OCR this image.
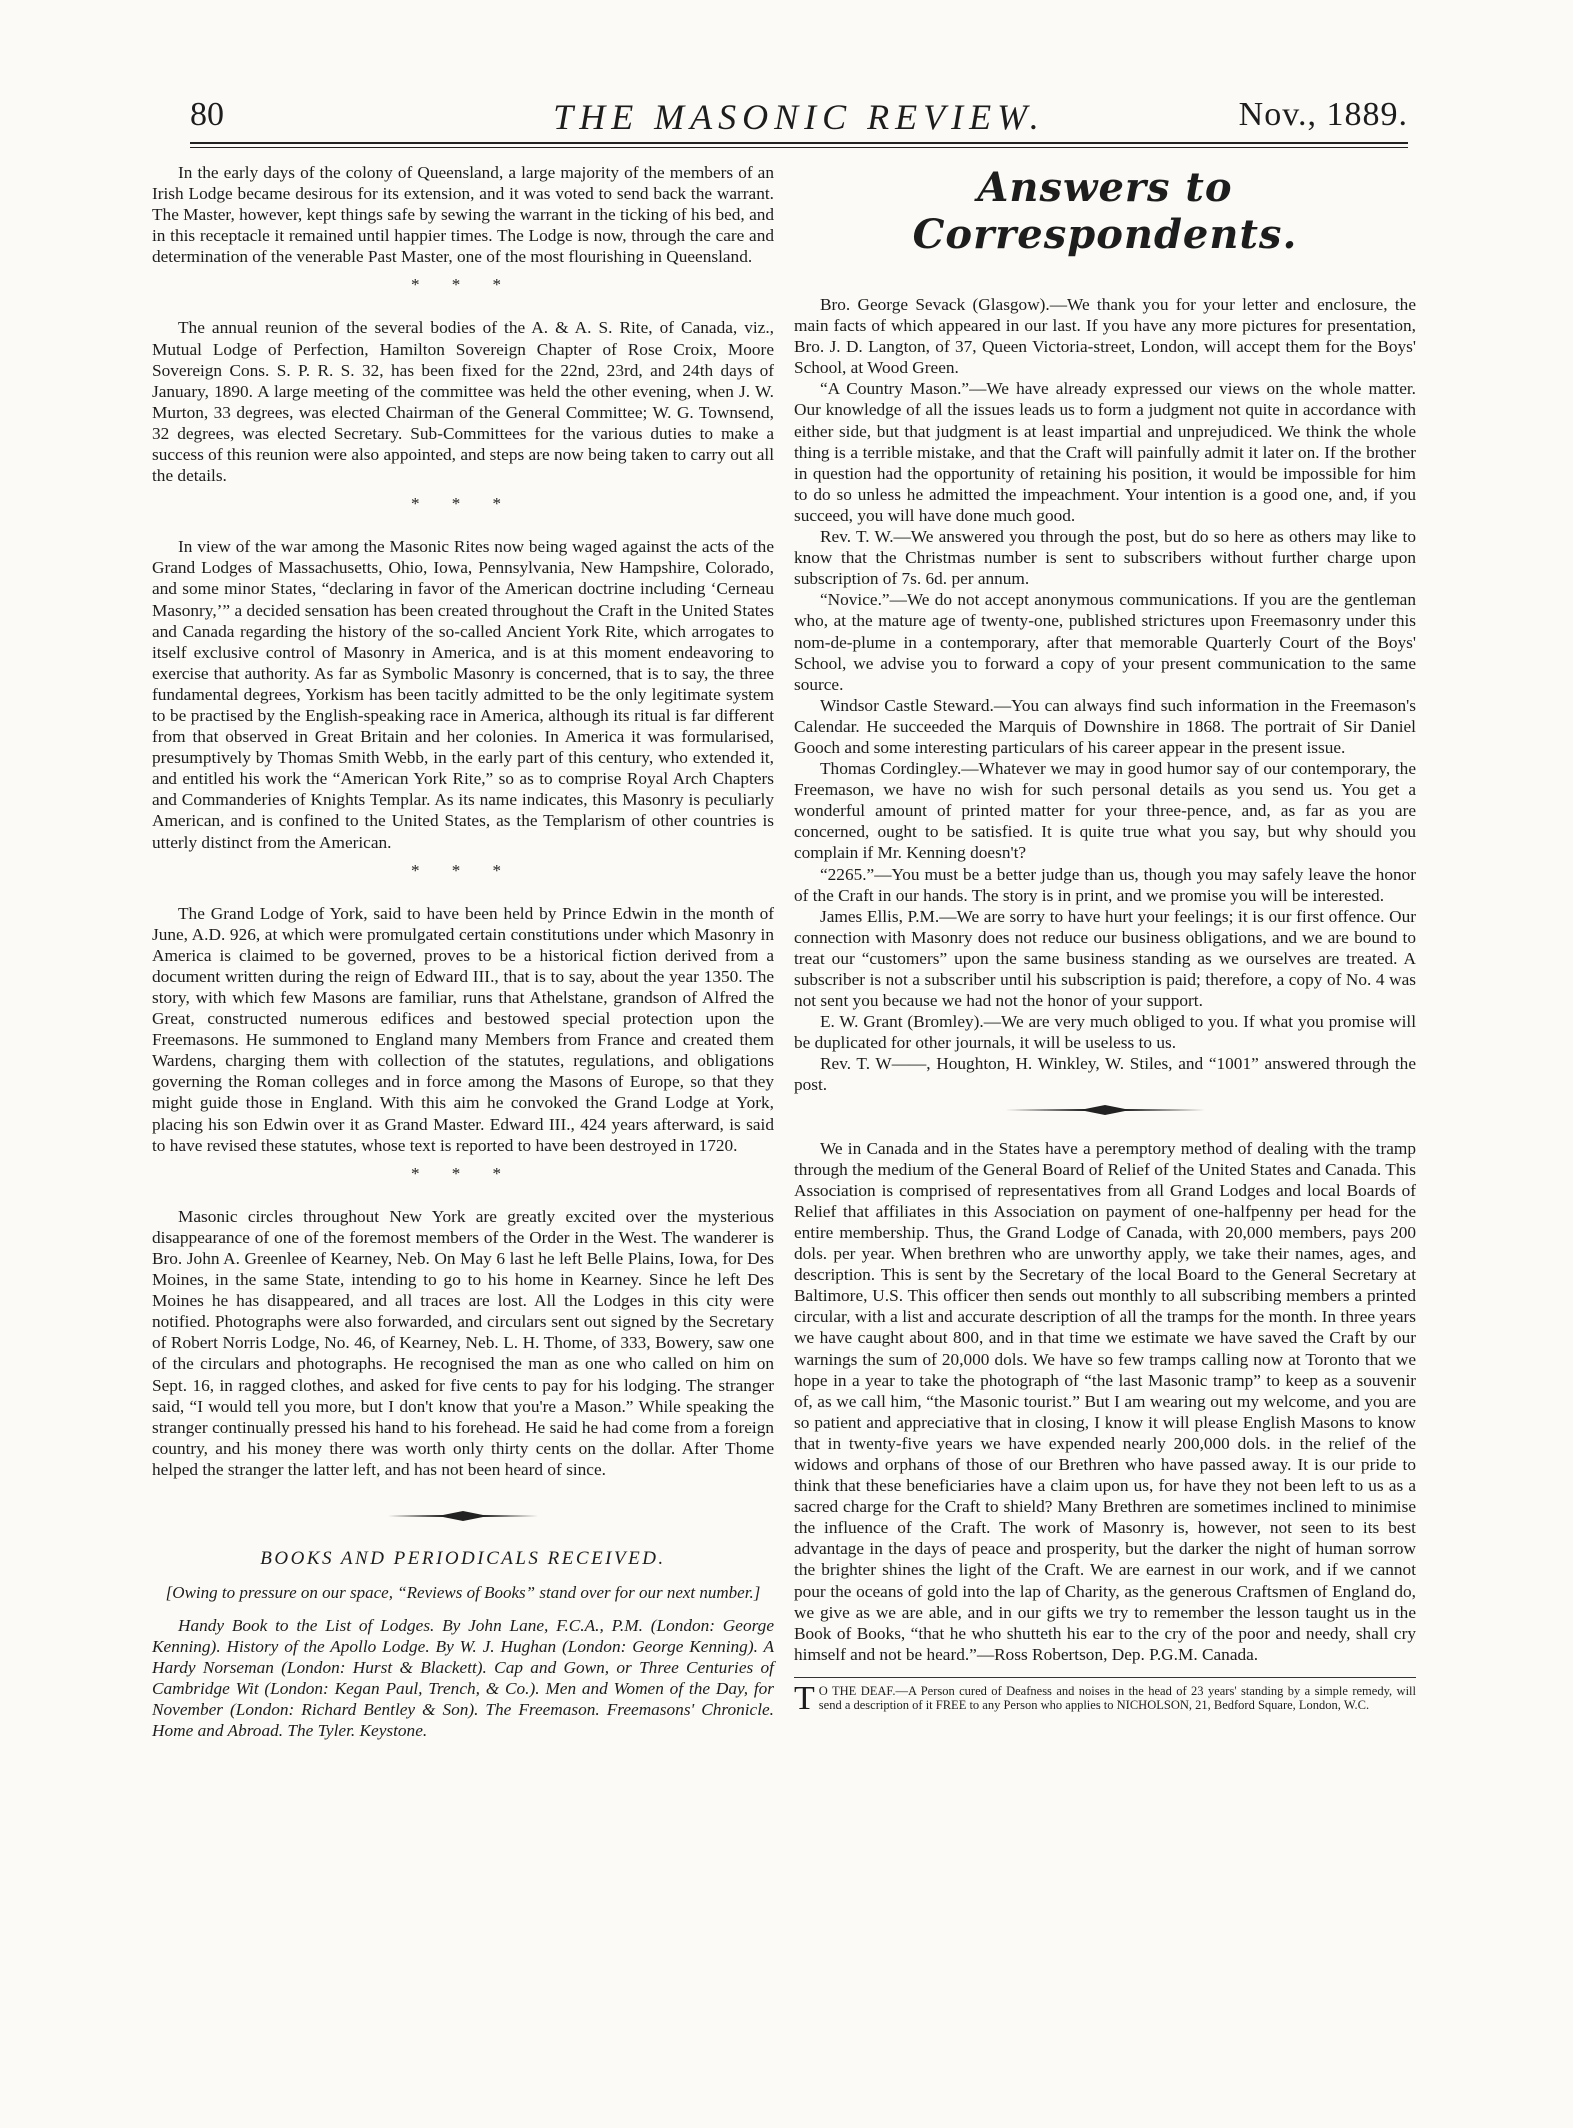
80	THE MASONIC REVIEW.	Nov., 1889.

In the early days of the colony of Queensland, a large majority of the members of an Irish Lodge became desirous for its extension, and it was voted to send back the warrant. The Master, however, kept things safe by sewing the warrant in the ticking of his bed, and in this receptacle it remained until happier times. The Lodge is now, through the care and determination of the venerable Past Master, one of the most flourishing in Queensland.

* * *

The annual reunion of the several bodies of the A. & A. S. Rite, of Canada, viz., Mutual Lodge of Perfection, Hamilton Sovereign Chapter of Rose Croix, Moore Sovereign Cons. S. P. R. S. 32, has been fixed for the 22nd, 23rd, and 24th days of January, 1890. A large meeting of the committee was held the other evening, when J. W. Murton, 33 degrees, was elected Chairman of the General Committee; W. G. Townsend, 32 degrees, was elected Secretary. Sub-Committees for the various duties to make a success of this reunion were also appointed, and steps are now being taken to carry out all the details.

* * *

In view of the war among the Masonic Rites now being waged against the acts of the Grand Lodges of Massachusetts, Ohio, Iowa, Pennsylvania, New Hampshire, Colorado, and some minor States, “declaring in favor of the American doctrine including ‘Cerneau Masonry,’” a decided sensation has been created throughout the Craft in the United States and Canada regarding the history of the so-called Ancient York Rite, which arrogates to itself exclusive control of Masonry in America, and is at this moment endeavoring to exercise that authority. As far as Symbolic Masonry is concerned, that is to say, the three fundamental degrees, Yorkism has been tacitly admitted to be the only legitimate system to be practised by the English-speaking race in America, although its ritual is far different from that observed in Great Britain and her colonies. In America it was formularised, presumptively by Thomas Smith Webb, in the early part of this century, who extended it, and entitled his work the “American York Rite,” so as to comprise Royal Arch Chapters and Commanderies of Knights Templar. As its name indicates, this Masonry is peculiarly American, and is confined to the United States, as the Templarism of other countries is utterly distinct from the American.

* * *

The Grand Lodge of York, said to have been held by Prince Edwin in the month of June, A.D. 926, at which were promulgated certain constitutions under which Masonry in America is claimed to be governed, proves to be a historical fiction derived from a document written during the reign of Edward III., that is to say, about the year 1350. The story, with which few Masons are familiar, runs that Athelstane, grandson of Alfred the Great, constructed numerous edifices and bestowed special protection upon the Freemasons. He summoned to England many Members from France and created them Wardens, charging them with collection of the statutes, regulations, and obligations governing the Roman colleges and in force among the Masons of Europe, so that they might guide those in England. With this aim he convoked the Grand Lodge at York, placing his son Edwin over it as Grand Master. Edward III., 424 years afterward, is said to have revised these statutes, whose text is reported to have been destroyed in 1720.

* * *

Masonic circles throughout New York are greatly excited over the mysterious disappearance of one of the foremost members of the Order in the West. The wanderer is Bro. John A. Greenlee of Kearney, Neb. On May 6 last he left Belle Plains, Iowa, for Des Moines, in the same State, intending to go to his home in Kearney. Since he left Des Moines he has disappeared, and all traces are lost. All the Lodges in this city were notified. Photographs were also forwarded, and circulars sent out signed by the Secretary of Robert Norris Lodge, No. 46, of Kearney, Neb. L. H. Thome, of 333, Bowery, saw one of the circulars and photographs. He recognised the man as one who called on him on Sept. 16, in ragged clothes, and asked for five cents to pay for his lodging. The stranger said, “I would tell you more, but I don't know that you're a Mason.” While speaking the stranger continually pressed his hand to his forehead. He said he had come from a foreign country, and his money there was worth only thirty cents on the dollar. After Thome helped the stranger the latter left, and has not been heard of since.

BOOKS AND PERIODICALS RECEIVED.
[Owing to pressure on our space, “Reviews of Books” stand over for our next number.]

Handy Book to the List of Lodges. By John Lane, F.C.A., P.M. (London: George Kenning). History of the Apollo Lodge. By W. J. Hughan (London: George Kenning). A Hardy Norseman (London: Hurst & Blackett). Cap and Gown, or Three Centuries of Cambridge Wit (London: Kegan Paul, Trench, & Co.). Men and Women of the Day, for November (London: Richard Bentley & Son). The Freemason. Freemasons' Chronicle. Home and Abroad. The Tyler. Keystone.

Answers to Correspondents.

Bro. George Sevack (Glasgow).—We thank you for your letter and enclosure, the main facts of which appeared in our last. If you have any more pictures for presentation, Bro. J. D. Langton, of 37, Queen Victoria-street, London, will accept them for the Boys' School, at Wood Green.

“A Country Mason.”—We have already expressed our views on the whole matter. Our knowledge of all the issues leads us to form a judgment not quite in accordance with either side, but that judgment is at least impartial and unprejudiced. We think the whole thing is a terrible mistake, and that the Craft will painfully admit it later on. If the brother in question had the opportunity of retaining his position, it would be impossible for him to do so unless he admitted the impeachment. Your intention is a good one, and, if you succeed, you will have done much good.

Rev. T. W.—We answered you through the post, but do so here as others may like to know that the Christmas number is sent to subscribers without further charge upon subscription of 7s. 6d. per annum.

“Novice.”—We do not accept anonymous communications. If you are the gentleman who, at the mature age of twenty-one, published strictures upon Freemasonry under this nom-de-plume in a contemporary, after that memorable Quarterly Court of the Boys' School, we advise you to forward a copy of your present communication to the same source.

Windsor Castle Steward.—You can always find such information in the Freemason's Calendar. He succeeded the Marquis of Downshire in 1868. The portrait of Sir Daniel Gooch and some interesting particulars of his career appear in the present issue.

Thomas Cordingley.—Whatever we may in good humor say of our contemporary, the Freemason, we have no wish for such personal details as you send us. You get a wonderful amount of printed matter for your three-pence, and, as far as you are concerned, ought to be satisfied. It is quite true what you say, but why should you complain if Mr. Kenning doesn't?

“2265.”—You must be a better judge than us, though you may safely leave the honor of the Craft in our hands. The story is in print, and we promise you will be interested.

James Ellis, P.M.—We are sorry to have hurt your feelings; it is our first offence. Our connection with Masonry does not reduce our business obligations, and we are bound to treat our “customers” upon the same business standing as we ourselves are treated. A subscriber is not a subscriber until his subscription is paid; therefore, a copy of No. 4 was not sent you because we had not the honor of your support.

E. W. Grant (Bromley).—We are very much obliged to you. If what you promise will be duplicated for other journals, it will be useless to us.

Rev. T. W——, Houghton, H. Winkley, W. Stiles, and “1001” answered through the post.

We in Canada and in the States have a peremptory method of dealing with the tramp through the medium of the General Board of Relief of the United States and Canada. This Association is comprised of representatives from all Grand Lodges and local Boards of Relief that affiliates in this Association on payment of one-halfpenny per head for the entire membership. Thus, the Grand Lodge of Canada, with 20,000 members, pays 200 dols. per year. When brethren who are unworthy apply, we take their names, ages, and description. This is sent by the Secretary of the local Board to the General Secretary at Baltimore, U.S. This officer then sends out monthly to all subscribing members a printed circular, with a list and accurate description of all the tramps for the month. In three years we have caught about 800, and in that time we estimate we have saved the Craft by our warnings the sum of 20,000 dols. We have so few tramps calling now at Toronto that we hope in a year to take the photograph of “the last Masonic tramp” to keep as a souvenir of, as we call him, “the Masonic tourist.” But I am wearing out my welcome, and you are so patient and appreciative that in closing, I know it will please English Masons to know that in twenty-five years we have expended nearly 200,000 dols. in the relief of the widows and orphans of those of our Brethren who have passed away. It is our pride to think that these beneficiaries have a claim upon us, for have they not been left to us as a sacred charge for the Craft to shield? Many Brethren are sometimes inclined to minimise the influence of the Craft. The work of Masonry is, however, not seen to its best advantage in the days of peace and prosperity, but the darker the night of human sorrow the brighter shines the light of the Craft. We are earnest in our work, and if we cannot pour the oceans of gold into the lap of Charity, as the generous Craftsmen of England do, we give as we are able, and in our gifts we try to remember the lesson taught us in the Book of Books, “that he who shutteth his ear to the cry of the poor and needy, shall cry himself and not be heard.”—Ross Robertson, Dep. P.G.M. Canada.

T O THE DEAF.—A Person cured of Deafness and noises in the head of 23 years' standing by a simple remedy, will send a description of it FREE to any Person who applies to NICHOLSON, 21, Bedford Square, London, W.C.
